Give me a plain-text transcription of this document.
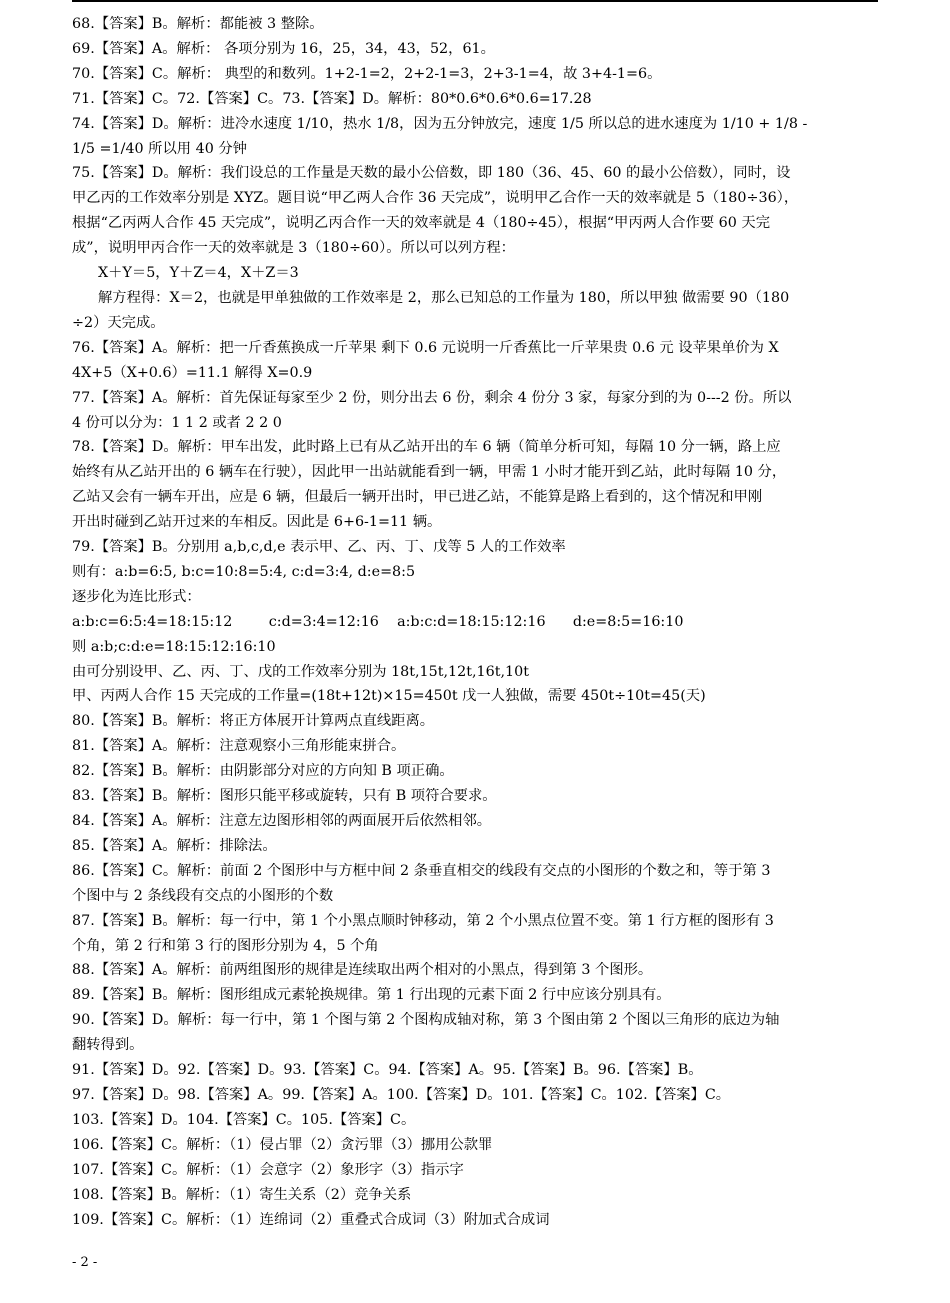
68.【答案】B。解析：都能被 3 整除。
69.【答案】A。解析： 各项分别为 16，25，34，43，52，61。
70.【答案】C。解析： 典型的和数列。1+2-1=2，2+2-1=3，2+3-1=4，故 3+4-1=6。
71.【答案】C。72.【答案】C。73.【答案】D。解析：80*0.6*0.6*0.6=17.28
74.【答案】D。解析：进冷水速度 1/10，热水 1/8，因为五分钟放完，速度 1/5 所以总的进水速度为 1/10 + 1/8 -
1/5 =1/40 所以用 40 分钟
75.【答案】D。解析：我们设总的工作量是天数的最小公倍数，即 180（36、45、60 的最小公倍数），同时，设
甲乙丙的工作效率分别是 XYZ。题目说“甲乙两人合作 36 天完成”，说明甲乙合作一天的效率就是 5（180÷36），
根据“乙丙两人合作 45 天完成”，说明乙丙合作一天的效率就是 4（180÷45），根据“甲丙两人合作要 60 天完
成”，说明甲丙合作一天的效率就是 3（180÷60）。所以可以列方程：
X＋Y＝5，Y＋Z＝4，X＋Z＝3
解方程得：X＝2，也就是甲单独做的工作效率是 2，那么已知总的工作量为 180，所以甲独 做需要 90（180
÷2）天完成。
76.【答案】A。解析：把一斤香蕉换成一斤苹果 剩下 0.6 元说明一斤香蕉比一斤苹果贵 0.6 元 设苹果单价为 X
4X+5（X+0.6）=11.1 解得 X=0.9
77.【答案】A。解析：首先保证每家至少 2 份，则分出去 6 份，剩余 4 份分 3 家，每家分到的为 0---2 份。所以
4 份可以分为：1 1 2 或者 2 2 0
78.【答案】D。解析：甲车出发，此时路上已有从乙站开出的车 6 辆（简单分析可知，每隔 10 分一辆，路上应
始终有从乙站开出的 6 辆车在行驶），因此甲一出站就能看到一辆，甲需 1 小时才能开到乙站，此时每隔 10 分，
乙站又会有一辆车开出，应是 6 辆，但最后一辆开出时，甲已进乙站，不能算是路上看到的，这个情况和甲刚
开出时碰到乙站开过来的车相反。因此是 6+6-1=11 辆。
79.【答案】B。分别用 a,b,c,d,e 表示甲、乙、丙、丁、戊等 5 人的工作效率
则有：a:b=6:5, b:c=10:8=5:4, c:d=3:4, d:e=8:5
逐步化为连比形式：
a:b:c=6:5:4=18:15:12        c:d=3:4=12:16    a:b:c:d=18:15:12:16      d:e=8:5=16:10
则 a:b;c:d:e=18:15:12:16:10
由可分别设甲、乙、丙、丁、戊的工作效率分别为 18t,15t,12t,16t,10t
甲、丙两人合作 15 天完成的工作量=(18t+12t)×15=450t 戊一人独做，需要 450t÷10t=45(天)
80.【答案】B。解析：将正方体展开计算两点直线距离。
81.【答案】A。解析：注意观察小三角形能束拼合。
82.【答案】B。解析：由阴影部分对应的方向知 B 项正确。
83.【答案】B。解析：图形只能平移或旋转，只有 B 项符合要求。
84.【答案】A。解析：注意左边图形相邻的两面展开后依然相邻。
85.【答案】A。解析：排除法。
86.【答案】C。解析：前面 2 个图形中与方框中间 2 条垂直相交的线段有交点的小图形的个数之和，等于第 3
个图中与 2 条线段有交点的小图形的个数
87.【答案】B。解析：每一行中，第 1 个小黑点顺时钟移动，第 2 个小黑点位置不变。第 1 行方框的图形有 3
个角，第 2 行和第 3 行的图形分别为 4，5 个角
88.【答案】A。解析：前两组图形的规律是连续取出两个相对的小黑点，得到第 3 个图形。
89.【答案】B。解析：图形组成元素轮换规律。第 1 行出现的元素下面 2 行中应该分别具有。
90.【答案】D。解析：每一行中，第 1 个图与第 2 个图构成轴对称，第 3 个图由第 2 个图以三角形的底边为轴
翻转得到。
91.【答案】D。92.【答案】D。93.【答案】C。94.【答案】A。95.【答案】B。96.【答案】B。
97.【答案】D。98.【答案】A。99.【答案】A。100.【答案】D。101.【答案】C。102.【答案】C。
103.【答案】D。104.【答案】C。105.【答案】C。
106.【答案】C。解析：（1）侵占罪（2）贪污罪（3）挪用公款罪
107.【答案】C。解析：（1）会意字（2）象形字（3）指示字
108.【答案】B。解析：（1）寄生关系（2）竞争关系
109.【答案】C。解析：（1）连绵词（2）重叠式合成词（3）附加式合成词
- 2 -
